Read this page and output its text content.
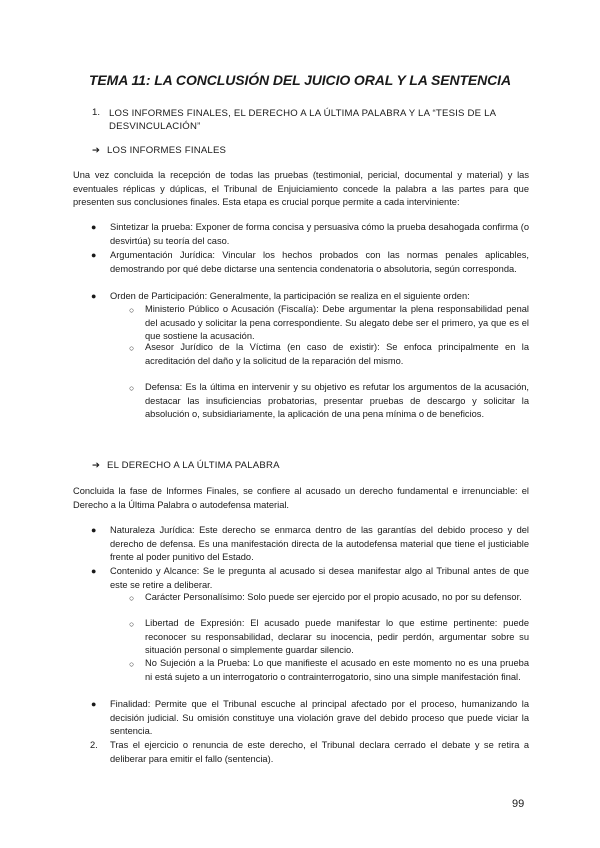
TEMA 11: LA CONCLUSIÓN DEL JUICIO ORAL Y LA SENTENCIA
1. LOS INFORMES FINALES, EL DERECHO A LA ÚLTIMA PALABRA Y LA “TESIS DE LA DESVINCULACIÓN”
➔ LOS INFORMES FINALES
Una vez concluida la recepción de todas las pruebas (testimonial, pericial, documental y material) y las eventuales réplicas y dúplicas, el Tribunal de Enjuiciamiento concede la palabra a las partes para que presenten sus conclusiones finales. Esta etapa es crucial porque permite a cada interviniente:
● Sintetizar la prueba: Exponer de forma concisa y persuasiva cómo la prueba desahogada confirma (o desvirtúa) su teoría del caso.
● Argumentación Jurídica: Vincular los hechos probados con las normas penales aplicables, demostrando por qué debe dictarse una sentencia condenatoria o absolutoria, según corresponda.
● Orden de Participación: Generalmente, la participación se realiza en el siguiente orden:
○ Ministerio Público o Acusación (Fiscalía): Debe argumentar la plena responsabilidad penal del acusado y solicitar la pena correspondiente. Su alegato debe ser el primero, ya que es el que sostiene la acusación.
○ Asesor Jurídico de la Víctima (en caso de existir): Se enfoca principalmente en la acreditación del daño y la solicitud de la reparación del mismo.
○ Defensa: Es la última en intervenir y su objetivo es refutar los argumentos de la acusación, destacar las insuficiencias probatorias, presentar pruebas de descargo y solicitar la absolución o, subsidiariamente, la aplicación de una pena mínima o de beneficios.
➔ EL DERECHO A LA ÚLTIMA PALABRA
Concluida la fase de Informes Finales, se confiere al acusado un derecho fundamental e irrenunciable: el Derecho a la Última Palabra o autodefensa material.
● Naturaleza Jurídica: Este derecho se enmarca dentro de las garantías del debido proceso y del derecho de defensa. Es una manifestación directa de la autodefensa material que tiene el justiciable frente al poder punitivo del Estado.
● Contenido y Alcance: Se le pregunta al acusado si desea manifestar algo al Tribunal antes de que este se retire a deliberar.
○ Carácter Personalísimo: Solo puede ser ejercido por el propio acusado, no por su defensor.
○ Libertad de Expresión: El acusado puede manifestar lo que estime pertinente: puede reconocer su responsabilidad, declarar su inocencia, pedir perdón, argumentar sobre su situación personal o simplemente guardar silencio.
○ No Sujeción a la Prueba: Lo que manifieste el acusado en este momento no es una prueba ni está sujeto a un interrogatorio o contrainterrogatorio, sino una simple manifestación final.
● Finalidad: Permite que el Tribunal escuche al principal afectado por el proceso, humanizando la decisión judicial. Su omisión constituye una violación grave del debido proceso que puede viciar la sentencia.
2. Tras el ejercicio o renuncia de este derecho, el Tribunal declara cerrado el debate y se retira a deliberar para emitir el fallo (sentencia).
99
